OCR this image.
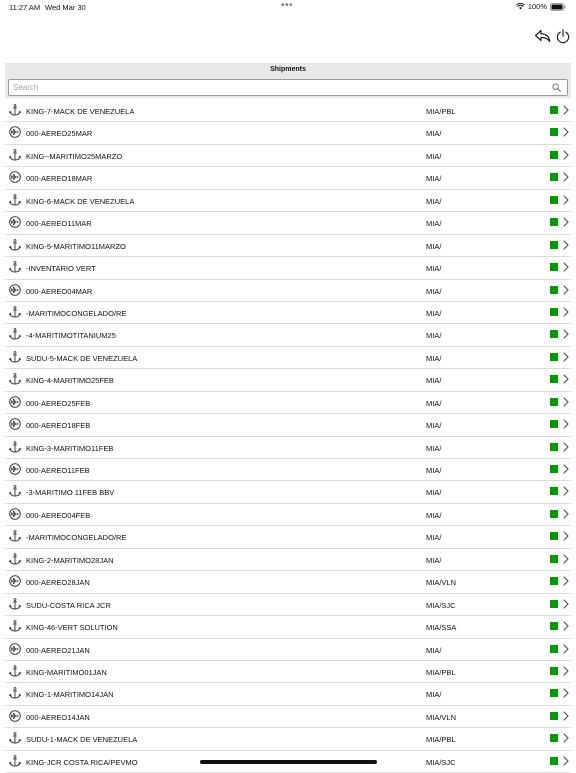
11:27 AM Wed Mar 30	•••	100%
Shipments
Search
KING-7-MACK DE VENEZUELA	MIA/PBL
000-AEREO25MAR	MIA/
KING--MARITIMO25MARZO	MIA/
000-AEREO18MAR	MIA/
KING-6-MACK DE VENEZUELA	MIA/
000-AEREO11MAR	MIA/
KING-5-MARITIMO11MARZO	MIA/
-INVENTARIO VERT	MIA/
000-AEREO04MAR	MIA/
-MARITIMOCONGELADO/RE	MIA/
-4-MARITIMOTITANIUM25	MIA/
SUDU-5-MACK DE VENEZUELA	MIA/
KING-4-MARITIMO25FEB	MIA/
000-AEREO25FEB	MIA/
000-AEREO18FEB	MIA/
KING-3-MARITIMO11FEB	MIA/
000-AEREO11FEB	MIA/
-3-MARITIMO 11FEB BBV	MIA/
000-AEREO04FEB	MIA/
-MARITIMOCONGELADO/RE	MIA/
KING-2-MARITIMO28JAN	MIA/
000-AEREO28JAN	MIA/VLN
SUDU-COSTA RICA JCR	MIA/SJC
KING-46-VERT SOLUTION	MIA/SSA
000-AEREO21JAN	MIA/
KING-MARITIMO01JAN	MIA/PBL
KING-1-MARITIMO14JAN	MIA/
000-AEREO14JAN	MIA/VLN
SUDU-1-MACK DE VENEZUELA	MIA/PBL
KING-JCR COSTA RICA/PEVMO	MIA/SJC
